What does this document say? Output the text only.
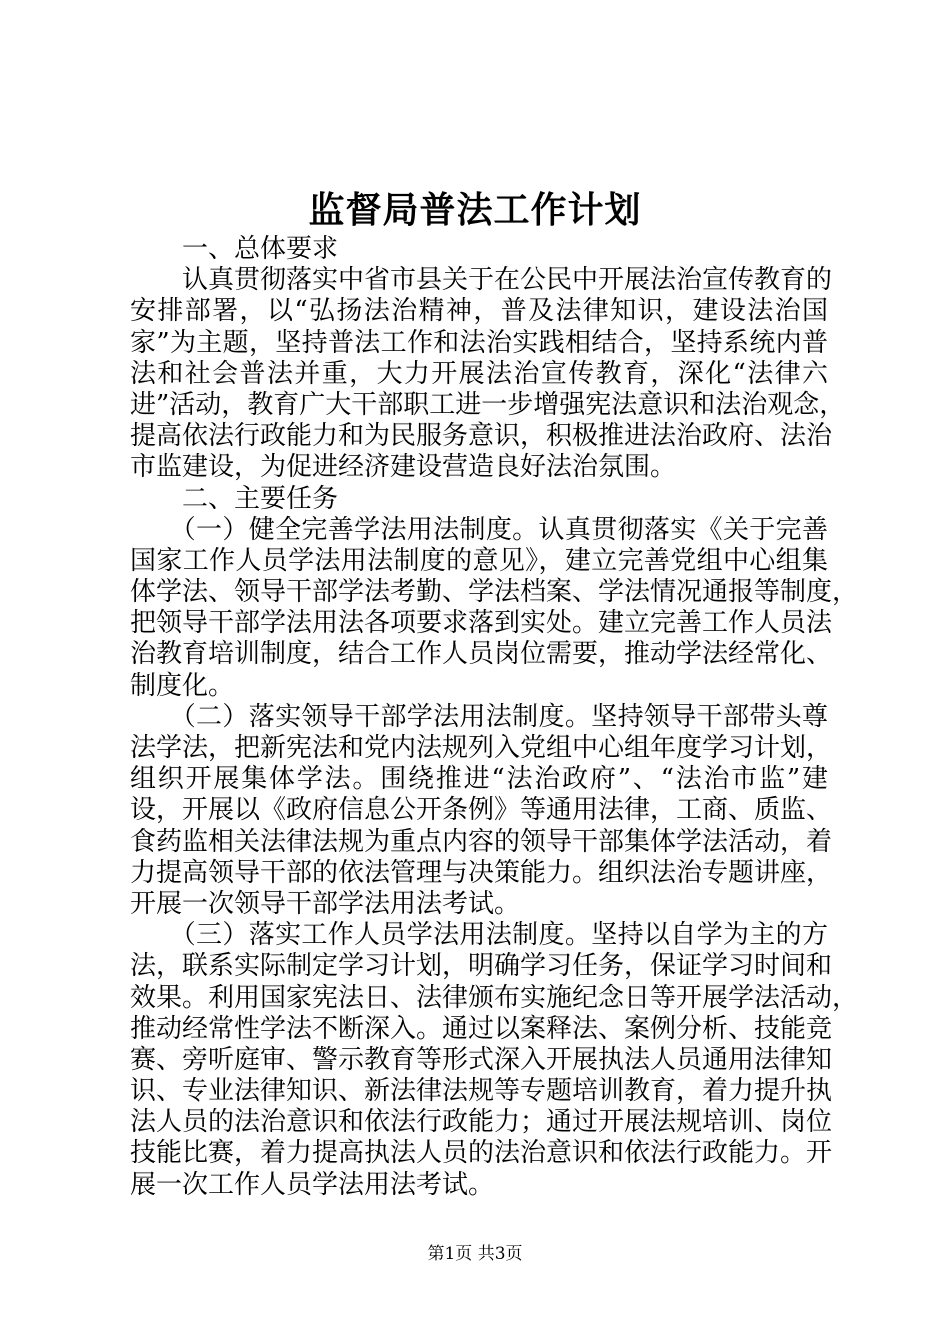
监督局普法工作计划
　　一、总体要求
　　认真贯彻落实中省市县关于在公民中开展法治宣传教育的
安排部署，以“弘扬法治精神，普及法律知识，建设法治国
家”为主题，坚持普法工作和法治实践相结合，坚持系统内普
法和社会普法并重，大力开展法治宣传教育，深化“法律六
进”活动，教育广大干部职工进一步增强宪法意识和法治观念，
提高依法行政能力和为民服务意识，积极推进法治政府、法治
市监建设，为促进经济建设营造良好法治氛围。
　　二、主要任务
　　（一）健全完善学法用法制度。认真贯彻落实《关于完善
国家工作人员学法用法制度的意见》，建立完善党组中心组集
体学法、领导干部学法考勤、学法档案、学法情况通报等制度，
把领导干部学法用法各项要求落到实处。建立完善工作人员法
治教育培训制度，结合工作人员岗位需要，推动学法经常化、
制度化。
　　（二）落实领导干部学法用法制度。坚持领导干部带头尊
法学法，把新宪法和党内法规列入党组中心组年度学习计划，
组织开展集体学法。围绕推进“法治政府”、“法治市监”建
设，开展以《政府信息公开条例》等通用法律，工商、质监、
食药监相关法律法规为重点内容的领导干部集体学法活动，着
力提高领导干部的依法管理与决策能力。组织法治专题讲座，
开展一次领导干部学法用法考试。
　　（三）落实工作人员学法用法制度。坚持以自学为主的方
法，联系实际制定学习计划，明确学习任务，保证学习时间和
效果。利用国家宪法日、法律颁布实施纪念日等开展学法活动，
推动经常性学法不断深入。通过以案释法、案例分析、技能竞
赛、旁听庭审、警示教育等形式深入开展执法人员通用法律知
识、专业法律知识、新法律法规等专题培训教育，着力提升执
法人员的法治意识和依法行政能力；通过开展法规培训、岗位
技能比赛，着力提高执法人员的法治意识和依法行政能力。开
展一次工作人员学法用法考试。
第1页 共3页
